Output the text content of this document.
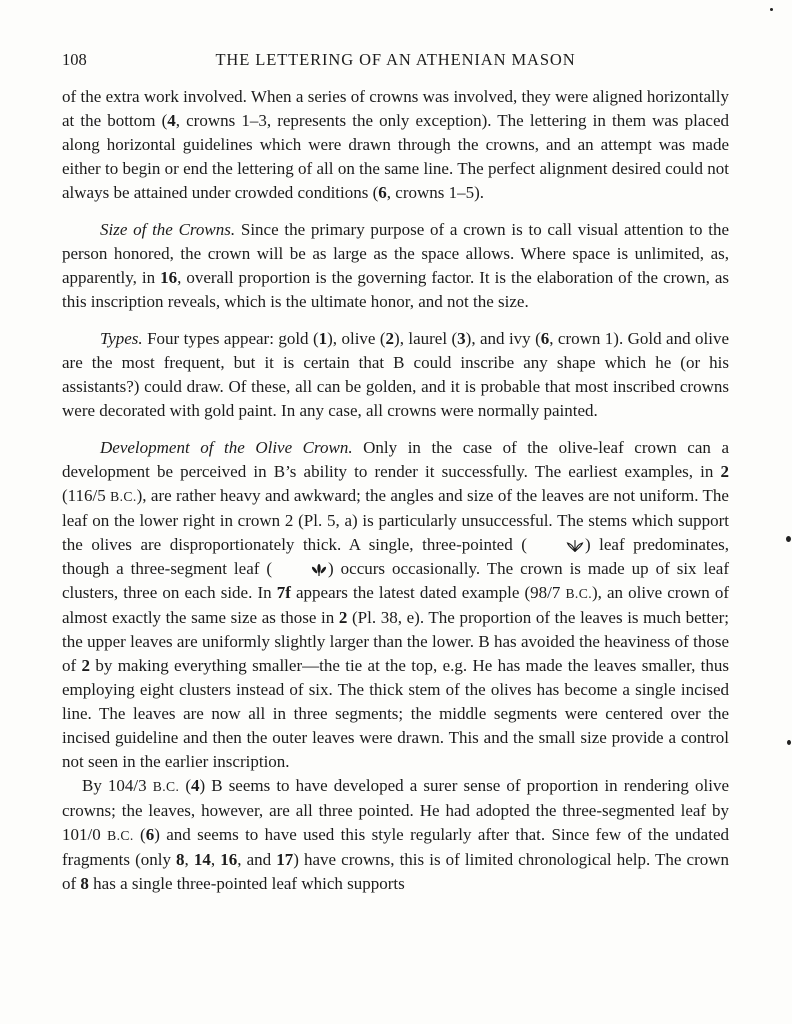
108	THE LETTERING OF AN ATHENIAN MASON

of the extra work involved. When a series of crowns was involved, they were aligned horizontally at the bottom (4, crowns 1–3, represents the only exception). The lettering in them was placed along horizontal guidelines which were drawn through the crowns, and an attempt was made either to begin or end the lettering of all on the same line. The perfect alignment desired could not always be attained under crowded conditions (6, crowns 1–5).

Size of the Crowns. Since the primary purpose of a crown is to call visual attention to the person honored, the crown will be as large as the space allows. Where space is unlimited, as, apparently, in 16, overall proportion is the governing factor. It is the elaboration of the crown, as this inscription reveals, which is the ultimate honor, and not the size.

Types. Four types appear: gold (1), olive (2), laurel (3), and ivy (6, crown 1). Gold and olive are the most frequent, but it is certain that B could inscribe any shape which he (or his assistants?) could draw. Of these, all can be golden, and it is probable that most inscribed crowns were decorated with gold paint. In any case, all crowns were normally painted.

Development of the Olive Crown. Only in the case of the olive-leaf crown can a development be perceived in B’s ability to render it successfully. The earliest examples, in 2 (116/5 B.C.), are rather heavy and awkward; the angles and size of the leaves are not uniform. The leaf on the lower right in crown 2 (Pl. 5, a) is particularly unsuccessful. The stems which support the olives are disproportionately thick. A single, three-pointed (	) leaf predominates, though a three-segment leaf (	) occurs occasionally. The crown is made up of six leaf clusters, three on each side. In 7f appears the latest dated example (98/7 B.C.), an olive crown of almost exactly the same size as those in 2 (Pl. 38, e). The proportion of the leaves is much better; the upper leaves are uniformly slightly larger than the lower. B has avoided the heaviness of those of 2 by making everything smaller—the tie at the top, e.g. He has made the leaves smaller, thus employing eight clusters instead of six. The thick stem of the olives has become a single incised line. The leaves are now all in three segments; the middle segments were centered over the incised guideline and then the outer leaves were drawn. This and the small size provide a control not seen in the earlier inscription.

By 104/3 B.C. (4) B seems to have developed a surer sense of proportion in rendering olive crowns; the leaves, however, are all three pointed. He had adopted the three-segmented leaf by 101/0 B.C. (6) and seems to have used this style regularly after that. Since few of the undated fragments (only 8, 14, 16, and 17) have crowns, this is of limited chronological help. The crown of 8 has a single three-pointed leaf which supports
